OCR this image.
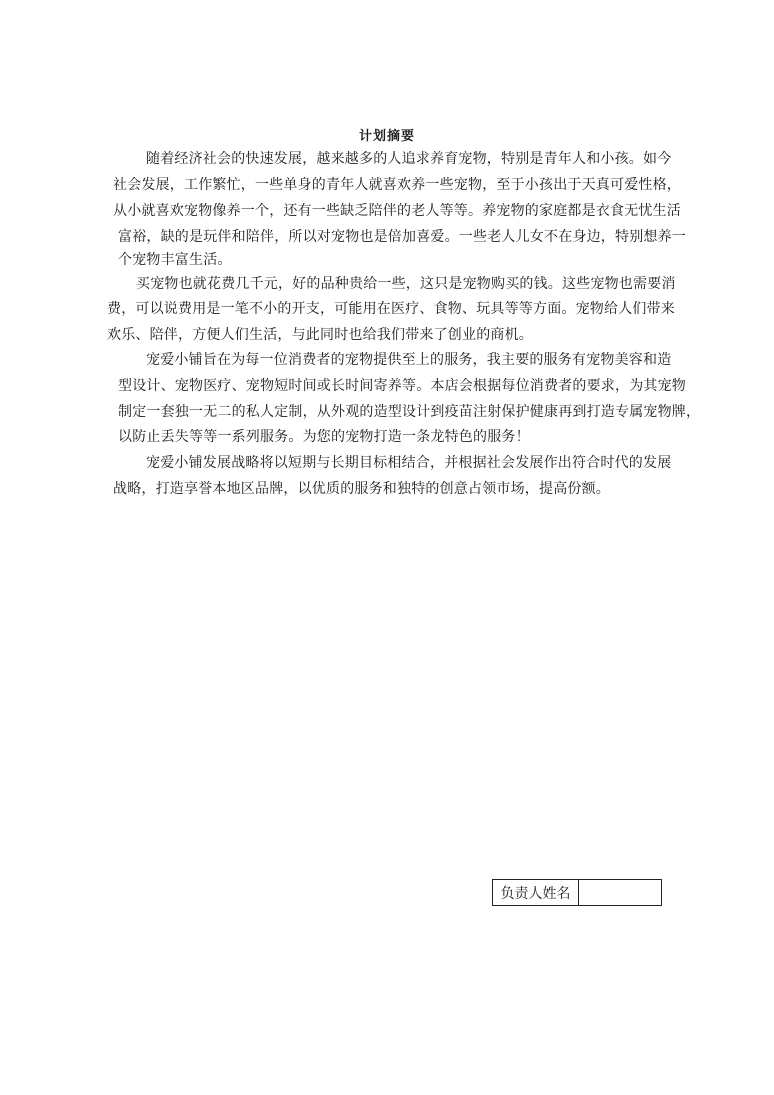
计划摘要
随着经济社会的快速发展，越来越多的人追求养育宠物，特别是青年人和小孩。如今
社会发展，工作繁忙，一些单身的青年人就喜欢养一些宠物，至于小孩出于天真可爱性格，
从小就喜欢宠物像养一个，还有一些缺乏陪伴的老人等等。养宠物的家庭都是衣食无忧生活
富裕，缺的是玩伴和陪伴，所以对宠物也是倍加喜爱。一些老人儿女不在身边，特别想养一
个宠物丰富生活。
买宠物也就花费几千元，好的品种贵给一些，这只是宠物购买的钱。这些宠物也需要消
费，可以说费用是一笔不小的开支，可能用在医疗、食物、玩具等等方面。宠物给人们带来
欢乐、陪伴，方便人们生活，与此同时也给我们带来了创业的商机。
宠爱小铺旨在为每一位消费者的宠物提供至上的服务，我主要的服务有宠物美容和造
型设计、宠物医疗、宠物短时间或长时间寄养等。本店会根据每位消费者的要求，为其宠物
制定一套独一无二的私人定制，从外观的造型设计到疫苗注射保护健康再到打造专属宠物牌，
以防止丢失等等一系列服务。为您的宠物打造一条龙特色的服务！
宠爱小铺发展战略将以短期与长期目标相结合，并根据社会发展作出符合时代的发展
战略，打造享誉本地区品牌，以优质的服务和独特的创意占领市场，提高份额。
负责人姓名	
